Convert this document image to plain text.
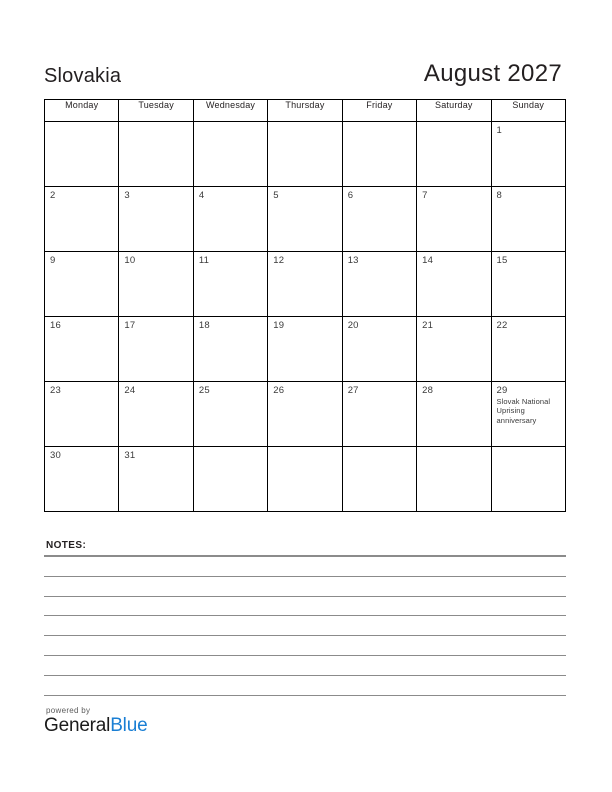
Slovakia	August 2027
Monday	Tuesday	Wednesday	Thursday	Friday	Saturday	Sunday

						1

2	3	4	5	6	7	8

9	10	11	12	13	14	15

16	17	18	19	20	21	22

23	24	25	26	27	28	29
Slovak National Uprising anniversary

30	31					

NOTES:
powered by
GeneralBlue
